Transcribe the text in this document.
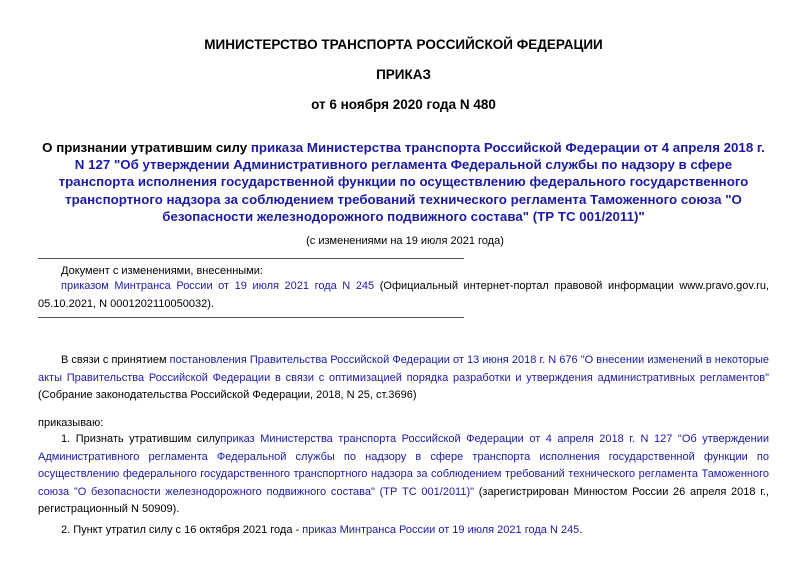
МИНИСТЕРСТВО ТРАНСПОРТА РОССИЙСКОЙ ФЕДЕРАЦИИ
ПРИКАЗ
от 6 ноября 2020 года N 480
О признании утратившим силу приказа Министерства транспорта Российской Федерации от 4 апреля 2018 г. N 127 "Об утверждении Административного регламента Федеральной службы по надзору в сфере транспорта исполнения государственной функции по осуществлению федерального государственного транспортного надзора за соблюдением требований технического регламента Таможенного союза "О безопасности железнодорожного подвижного состава" (ТР ТС 001/2011)"
(с изменениями на 19 июля 2021 года)
Документ с изменениями, внесенными:
приказом Минтранса России от 19 июля 2021 года N 245 (Официальный интернет-портал правовой информации www.pravo.gov.ru, 05.10.2021, N 0001202110050032).
В связи с принятием постановления Правительства Российской Федерации от 13 июня 2018 г. N 676 "О внесении изменений в некоторые акты Правительства Российской Федерации в связи с оптимизацией порядка разработки и утверждения административных регламентов" (Собрание законодательства Российской Федерации, 2018, N 25, ст.3696)
приказываю:
1. Признать утратившим силуприказ Министерства транспорта Российской Федерации от 4 апреля 2018 г. N 127 "Об утверждении Административного регламента Федеральной службы по надзору в сфере транспорта исполнения государственной функции по осуществлению федерального государственного транспортного надзора за соблюдением требований технического регламента Таможенного союза "О безопасности железнодорожного подвижного состава" (ТР ТС 001/2011)" (зарегистрирован Минюстом России 26 апреля 2018 г., регистрационный N 50909).
2. Пункт утратил силу с 16 октября 2021 года - приказ Минтранса России от 19 июля 2021 года N 245.
